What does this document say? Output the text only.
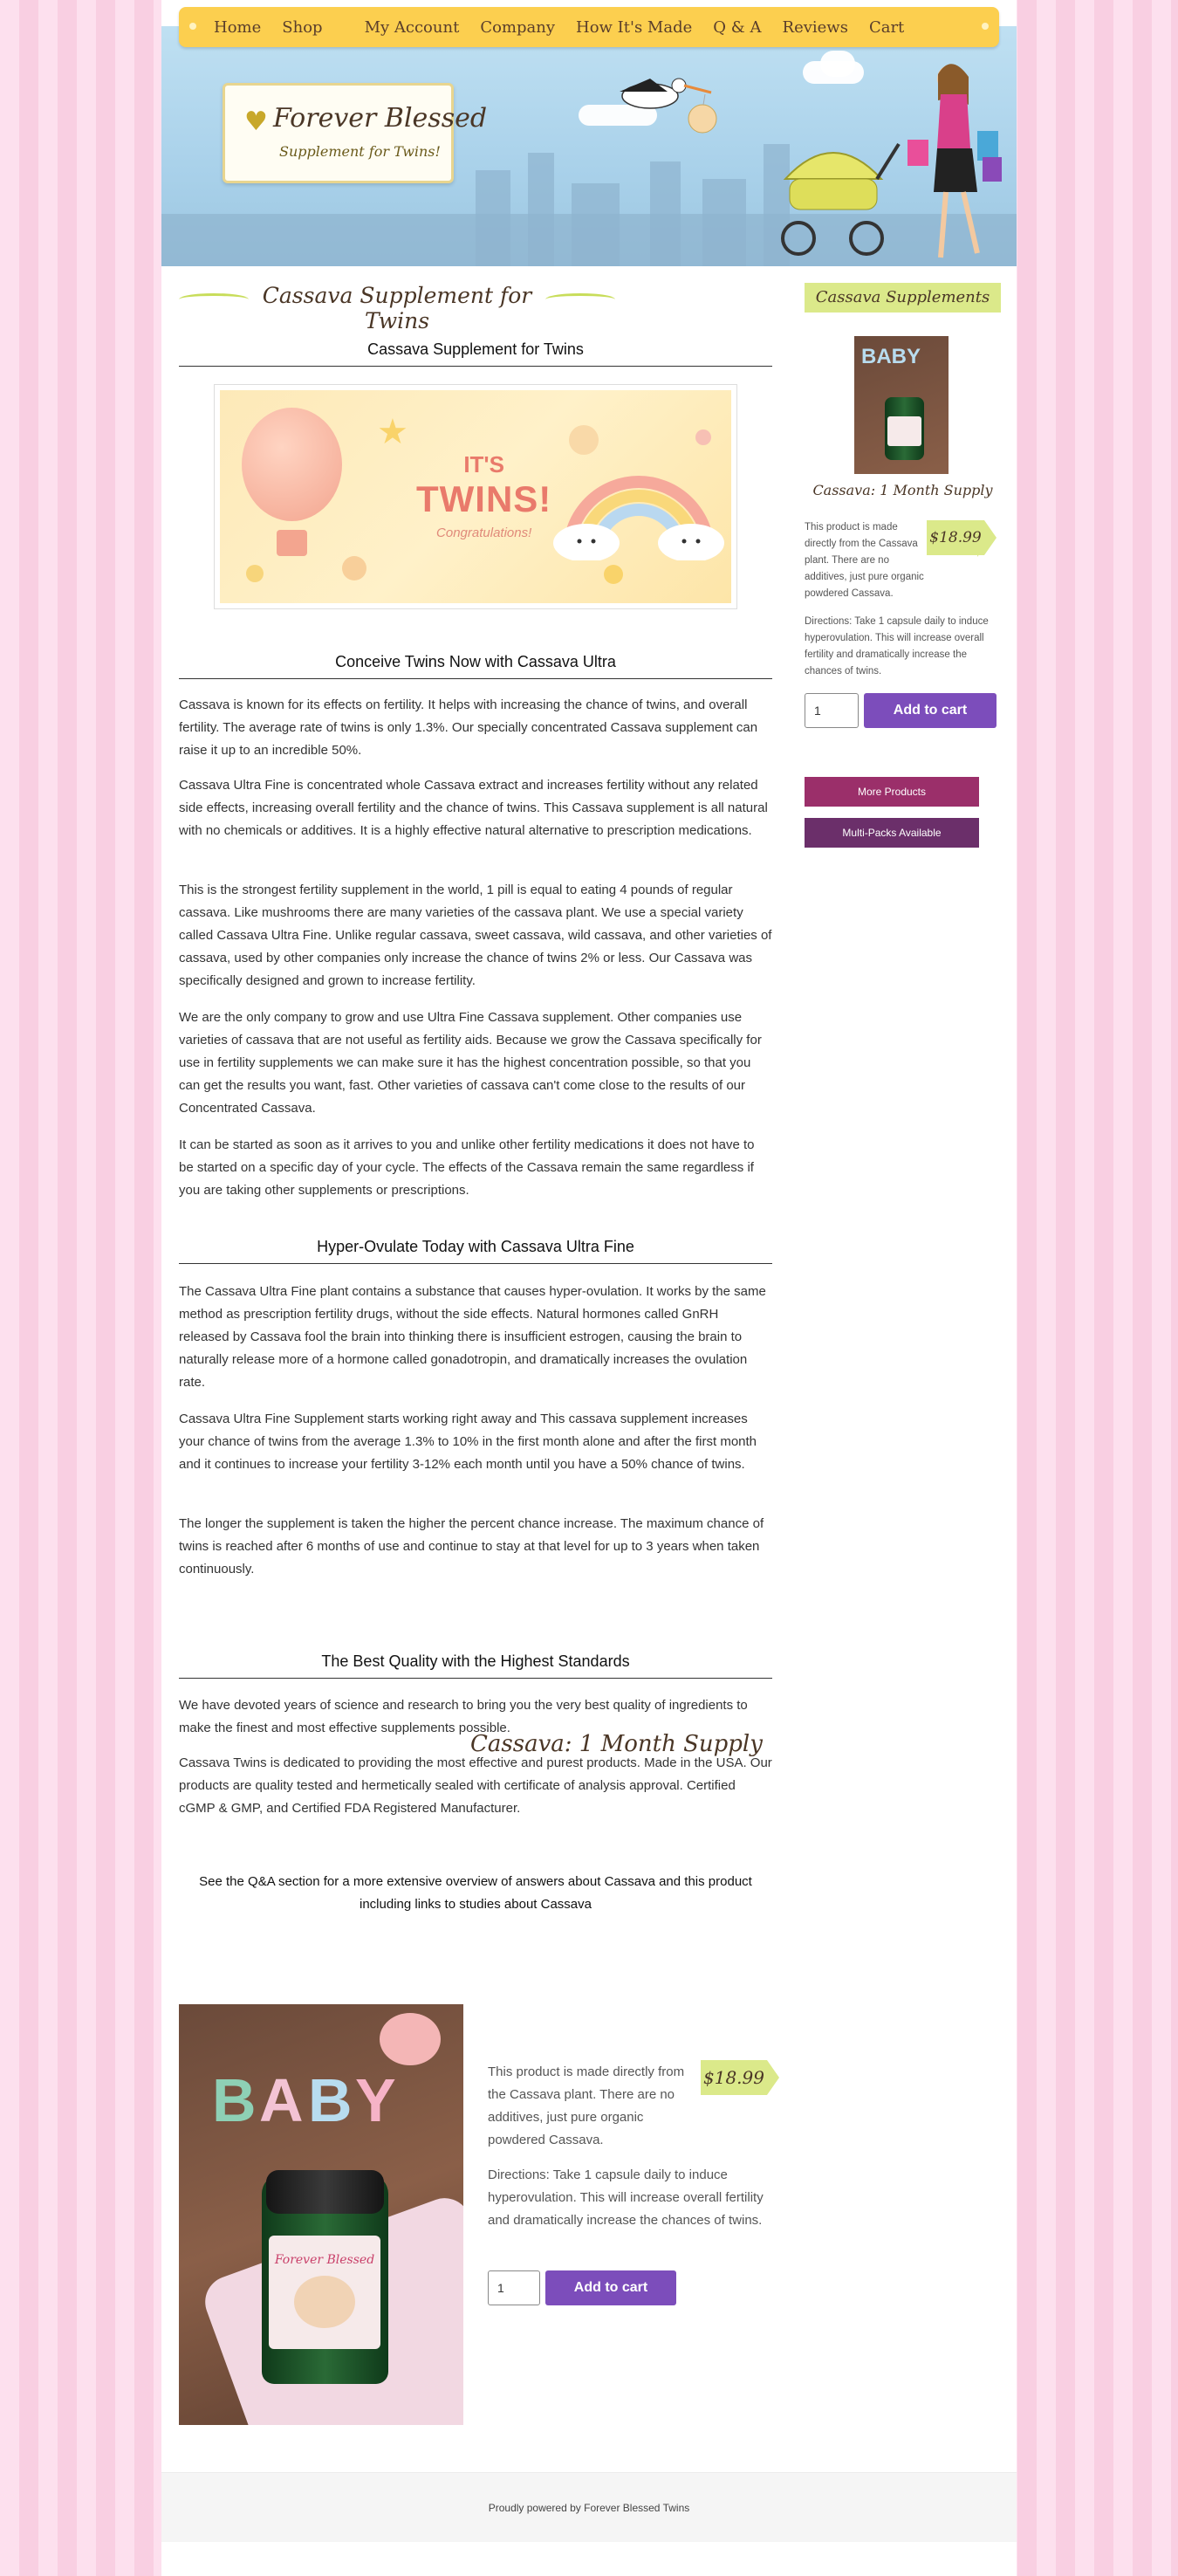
♥ Forever Blessed
Supplement for Twins!
Home Shop	My Account Company How It's Made Q & A Reviews Cart
Cassava Supplement for Twins
Cassava Supplement for Twins
★
IT'S
TWINS!
Congratulations!
Conceive Twins Now with Cassava Ultra

Cassava is known for its effects on fertility. It helps with increasing the chance of twins, and overall fertility. The average rate of twins is only 1.3%. Our specially concentrated Cassava supplement can raise it up to an incredible 50%.

Cassava Ultra Fine is concentrated whole Cassava extract and increases fertility without any related side effects, increasing overall fertility and the chance of twins. This Cassava supplement is all natural with no chemicals or additives. It is a highly effective natural alternative to prescription medications.

This is the strongest fertility supplement in the world, 1 pill is equal to eating 4 pounds of regular cassava. Like mushrooms there are many varieties of the cassava plant. We use a special variety called Cassava Ultra Fine. Unlike regular cassava, sweet cassava, wild cassava, and other varieties of cassava, used by other companies only increase the chance of twins 2% or less. Our Cassava was specifically designed and grown to increase fertility.

We are the only company to grow and use Ultra Fine Cassava supplement. Other companies use varieties of cassava that are not useful as fertility aids. Because we grow the Cassava specifically for use in fertility supplements we can make sure it has the highest concentration possible, so that you can get the results you want, fast. Other varieties of cassava can't come close to the results of our Concentrated Cassava.

It can be started as soon as it arrives to you and unlike other fertility medications it does not have to be started on a specific day of your cycle. The effects of the Cassava remain the same regardless if you are taking other supplements or prescriptions.

Hyper-Ovulate Today with Cassava Ultra Fine

The Cassava Ultra Fine plant contains a substance that causes hyper-ovulation. It works by the same method as prescription fertility drugs, without the side effects. Natural hormones called GnRH released by Cassava fool the brain into thinking there is insufficient estrogen, causing the brain to naturally release more of a hormone called gonadotropin, and dramatically increases the ovulation rate.

Cassava Ultra Fine Supplement starts working right away and This cassava supplement increases your chance of twins from the average 1.3% to 10% in the first month alone and after the first month and it continues to increase your fertility 3-12% each month until you have a 50% chance of twins.

The longer the supplement is taken the higher the percent chance increase. The maximum chance of twins is reached after 6 months of use and continue to stay at that level for up to 3 years when taken continuously.

The Best Quality with the Highest Standards

We have devoted years of science and research to bring you the very best quality of ingredients to make the finest and most effective supplements possible.

Cassava Twins is dedicated to providing the most effective and purest products. Made in the USA. Our products are quality tested and hermetically sealed with certificate of analysis approval. Certified cGMP & GMP, and Certified FDA Registered Manufacturer.

See the Q&A section for a more extensive overview of answers about Cassava and this product including links to studies about Cassava

B A B Y
Forever Blessed
Cassava: 1 Month Supply
$18.99

This product is made directly from the Cassava plant. There are no additives, just pure organic powdered Cassava.

Directions: Take 1 capsule daily to induce hyperovulation. This will increase overall fertility and dramatically increase the chances of twins.

1	Add to cart
Cassava Supplements
BABY
Cassava: 1 Month Supply
$18.99

This product is made directly from the Cassava plant. There are no additives, just pure organic powdered Cassava.

Directions: Take 1 capsule daily to induce hyperovulation. This will increase overall fertility and dramatically increase the chances of twins.

1	Add to cart
More Products
Multi-Packs Available
Proudly powered by Forever Blessed Twins
